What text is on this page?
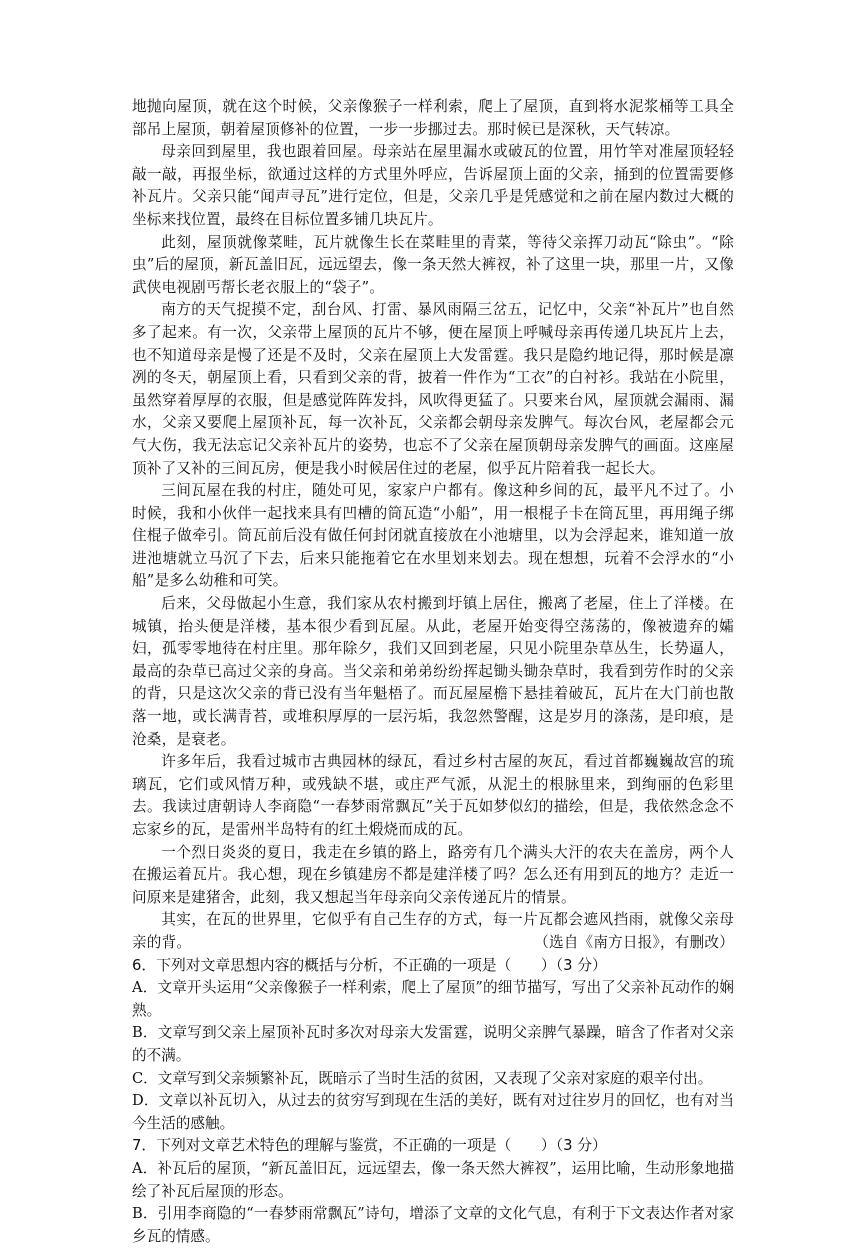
地抛向屋顶，就在这个时候，父亲像猴子一样利索，爬上了屋顶，直到将水泥浆桶等工具全部吊上屋顶，朝着屋顶修补的位置，一步一步挪过去。那时候已是深秋，天气转凉。

母亲回到屋里，我也跟着回屋。母亲站在屋里漏水或破瓦的位置，用竹竿对准屋顶轻轻敲一敲，再报坐标，欲通过这样的方式里外呼应，告诉屋顶上面的父亲，捅到的位置需要修补瓦片。父亲只能“闻声寻瓦”进行定位，但是，父亲几乎是凭感觉和之前在屋内数过大概的坐标来找位置，最终在目标位置多铺几块瓦片。

此刻，屋顶就像菜畦，瓦片就像生长在菜畦里的青菜，等待父亲挥刀动瓦“除虫”。“除虫”后的屋顶，新瓦盖旧瓦，远远望去，像一条天然大裤衩，补了这里一块，那里一片，又像武侠电视剧丐帮长老衣服上的“袋子”。

南方的天气捉摸不定，刮台风、打雷、暴风雨隔三岔五，记忆中，父亲“补瓦片”也自然多了起来。有一次，父亲带上屋顶的瓦片不够，便在屋顶上呼喊母亲再传递几块瓦片上去，也不知道母亲是慢了还是不及时，父亲在屋顶上大发雷霆。我只是隐约地记得，那时候是凛冽的冬天，朝屋顶上看，只看到父亲的背，披着一件作为“工衣”的白衬衫。我站在小院里，虽然穿着厚厚的衣服，但是感觉阵阵发抖，风吹得更猛了。只要来台风，屋顶就会漏雨、漏水，父亲又要爬上屋顶补瓦，每一次补瓦，父亲都会朝母亲发脾气。每次台风，老屋都会元气大伤，我无法忘记父亲补瓦片的姿势，也忘不了父亲在屋顶朝母亲发脾气的画面。这座屋顶补了又补的三间瓦房，便是我小时候居住过的老屋，似乎瓦片陪着我一起长大。

三间瓦屋在我的村庄，随处可见，家家户户都有。像这种乡间的瓦，最平凡不过了。小时候，我和小伙伴一起找来具有凹槽的筒瓦造“小船”，用一根棍子卡在筒瓦里，再用绳子绑住棍子做牵引。筒瓦前后没有做任何封闭就直接放在小池塘里，以为会浮起来，谁知道一放进池塘就立马沉了下去，后来只能拖着它在水里划来划去。现在想想，玩着不会浮水的“小船”是多么幼稚和可笑。

后来，父母做起小生意，我们家从农村搬到圩镇上居住，搬离了老屋，住上了洋楼。在城镇，抬头便是洋楼，基本很少看到瓦屋。从此，老屋开始变得空荡荡的，像被遗弃的孀妇，孤零零地待在村庄里。那年除夕，我们又回到老屋，只见小院里杂草丛生，长势逼人，最高的杂草已高过父亲的身高。当父亲和弟弟纷纷挥起锄头锄杂草时，我看到劳作时的父亲的背，只是这次父亲的背已没有当年魁梧了。而瓦屋屋檐下悬挂着破瓦，瓦片在大门前也散落一地，或长满青苔，或堆积厚厚的一层污垢，我忽然警醒，这是岁月的涤荡，是印痕，是沧桑，是衰老。

许多年后，我看过城市古典园林的绿瓦，看过乡村古屋的灰瓦，看过首都巍巍故宫的琉璃瓦，它们或风情万种，或残缺不堪，或庄严气派，从泥土的根脉里来，到绚丽的色彩里去。我读过唐朝诗人李商隐“一春梦雨常飘瓦”关于瓦如梦似幻的描绘，但是，我依然念念不忘家乡的瓦，是雷州半岛特有的红土煅烧而成的瓦。

一个烈日炎炎的夏日，我走在乡镇的路上，路旁有几个满头大汗的农夫在盖房，两个人在搬运着瓦片。我心想，现在乡镇建房不都是建洋楼了吗？怎么还有用到瓦的地方？走近一问原来是建猪舍，此刻，我又想起当年母亲向父亲传递瓦片的情景。

其实，在瓦的世界里，它似乎有自己生存的方式，每一片瓦都会遮风挡雨，就像父亲母亲的背。	（选自《南方日报》，有删改）

6．下列对文章思想内容的概括与分析，不正确的一项是（　　）（3 分）

A．文章开头运用“父亲像猴子一样利索，爬上了屋顶”的细节描写，写出了父亲补瓦动作的娴熟。

B．文章写到父亲上屋顶补瓦时多次对母亲大发雷霆，说明父亲脾气暴躁，暗含了作者对父亲的不满。

C．文章写到父亲频繁补瓦，既暗示了当时生活的贫困，又表现了父亲对家庭的艰辛付出。

D．文章以补瓦切入，从过去的贫穷写到现在生活的美好，既有对过往岁月的回忆，也有对当今生活的感触。

7．下列对文章艺术特色的理解与鉴赏，不正确的一项是（　　）（3 分）

A．补瓦后的屋顶，“新瓦盖旧瓦，远远望去，像一条天然大裤衩”，运用比喻，生动形象地描绘了补瓦后屋顶的形态。

B．引用李商隐的“一春梦雨常飘瓦”诗句，增添了文章的文化气息，有利于下文表达作者对家乡瓦的情感。
